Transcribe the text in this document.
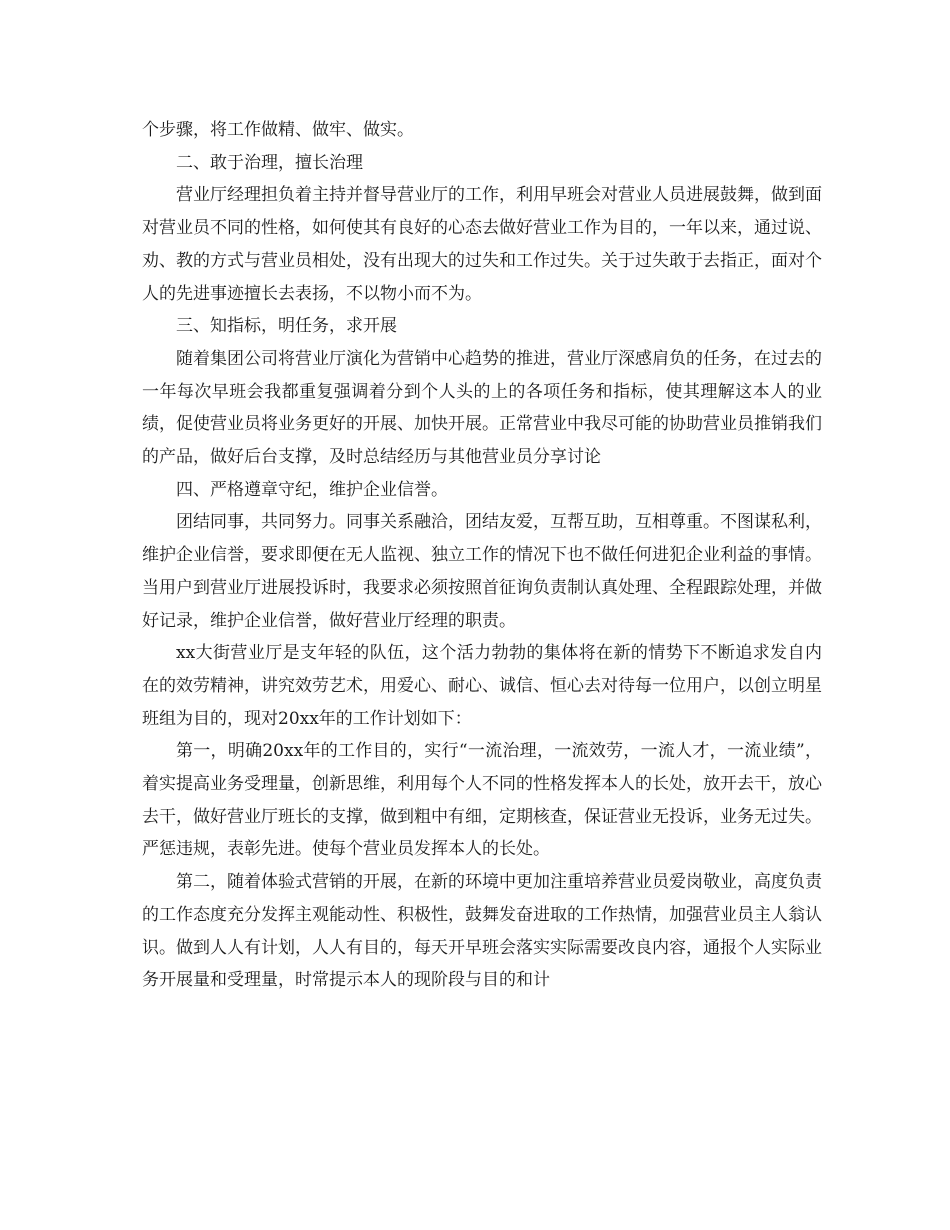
个步骤，将工作做精、做牢、做实。

二、敢于治理，擅长治理

营业厅经理担负着主持并督导营业厅的工作，利用早班会对营业人员进展鼓舞，做到面对营业员不同的性格，如何使其有良好的心态去做好营业工作为目的，一年以来，通过说、劝、教的方式与营业员相处，没有出现大的过失和工作过失。关于过失敢于去指正，面对个人的先进事迹擅长去表扬，不以物小而不为。

三、知指标，明任务，求开展

随着集团公司将营业厅演化为营销中心趋势的推进，营业厅深感肩负的任务，在过去的一年每次早班会我都重复强调着分到个人头的上的各项任务和指标，使其理解这本人的业绩，促使营业员将业务更好的开展、加快开展。正常营业中我尽可能的协助营业员推销我们的产品，做好后台支撑，及时总结经历与其他营业员分享讨论

四、严格遵章守纪，维护企业信誉。

团结同事，共同努力。同事关系融洽，团结友爱，互帮互助，互相尊重。不图谋私利，维护企业信誉，要求即便在无人监视、独立工作的情况下也不做任何进犯企业利益的事情。当用户到营业厅进展投诉时，我要求必须按照首征询负责制认真处理、全程跟踪处理，并做好记录，维护企业信誉，做好营业厅经理的职责。

xx大街营业厅是支年轻的队伍，这个活力勃勃的集体将在新的情势下不断追求发自内在的效劳精神，讲究效劳艺术，用爱心、耐心、诚信、恒心去对待每一位用户，以创立明星班组为目的，现对20xx年的工作计划如下：

第一，明确20xx年的工作目的，实行“一流治理，一流效劳，一流人才，一流业绩”，着实提高业务受理量，创新思维，利用每个人不同的性格发挥本人的长处，放开去干，放心去干，做好营业厅班长的支撑，做到粗中有细，定期核查，保证营业无投诉，业务无过失。严惩违规，表彰先进。使每个营业员发挥本人的长处。

第二，随着体验式营销的开展，在新的环境中更加注重培养营业员爱岗敬业，高度负责的工作态度充分发挥主观能动性、积极性，鼓舞发奋进取的工作热情，加强营业员主人翁认识。做到人人有计划，人人有目的，每天开早班会落实实际需要改良内容，通报个人实际业务开展量和受理量，时常提示本人的现阶段与目的和计
